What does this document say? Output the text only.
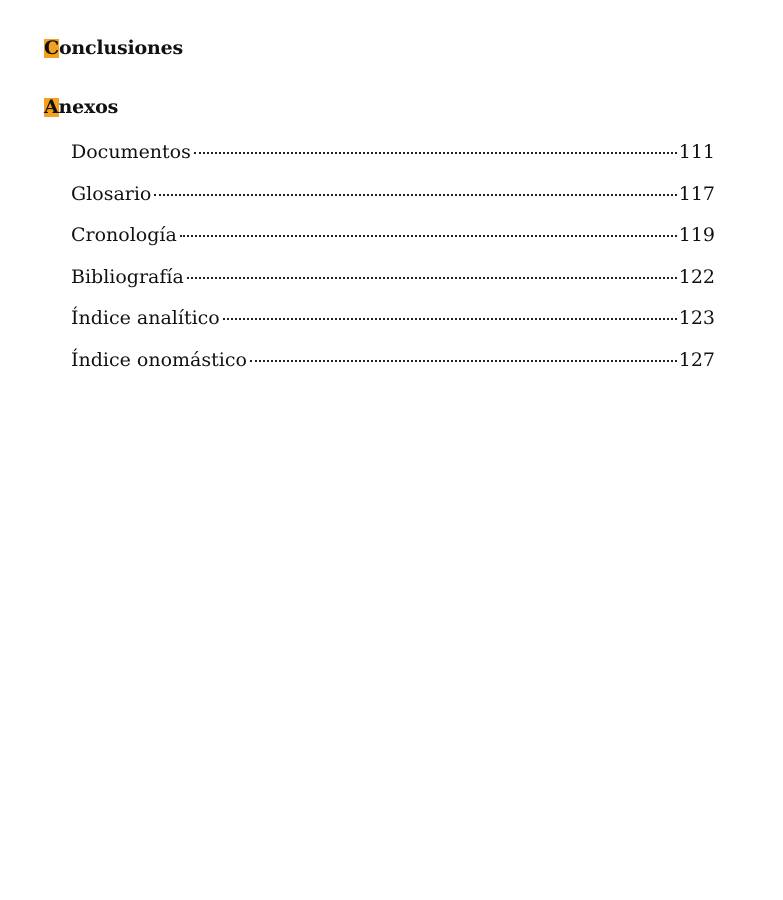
Conclusiones
Anexos
Documentos	111
Glosario	117
Cronología	119
Bibliografía	122
Índice analítico	123
Índice onomástico	127
